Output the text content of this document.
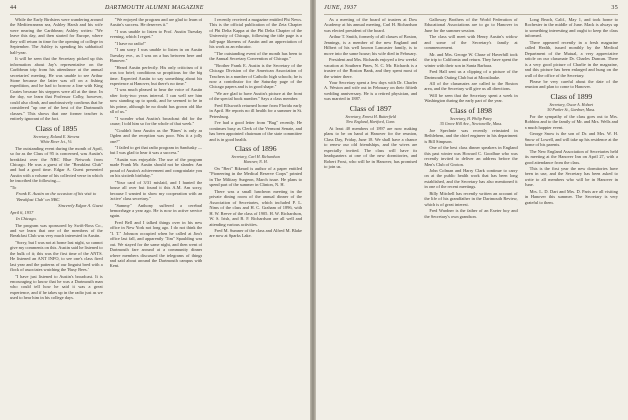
44	DARTMOUTH ALUMNI MAGAZINE

While the Early Birdsters were wandering around the Mediterranean sea, Ashley Harsh and his wife were nearing the Caribbean; Ashley writes: "We leave this day, and then started for Europe, where they will return in time for the opening of college in September. The Ashley is spending his sabbatical half-year.

It will be seen that the Secretary picked up this information about Jay's representative on the Caribbean trip from his attendance at the annual secretaries' meeting. He was unable to see Arthur Stone because the latter was off on a fishing expedition, and he had to borrow a line with King Coates because his steppers were all at the time. In the day, we learn that Professor Colby, however, could also climb, and unobtrusively confirms that he considered "up one of the best of the Dartmouth classes." This shows that one former teacher is entirely ignorant of the fact.

Class of 1895
Secretary, Roland E. Stevens
White River Jct., Vt.

The outstanding event during the month of April, so far as the Class of 95 is concerned, was Austin's breakfast over the NBC Blue Network from Chicago. He was a guest of the "Breakfast Club" and had a good time. Edgar A. Guest presented Austin with a volume of his collected verse in which he inscribed the following—

"To

Frank E. Austin on the occasion of his visit to 'Breakfast Club' on NBC.

Sincerely Edgar A. Guest

April 6, 1937

In Chicago.

The program was sponsored by Swift-Ross Co., and we learn that one of the members of the Breakfast Club was very much interested in Austin.

"Sorry, but I was not at home last night, so cannot give my comments on this. Austin said he listened to the bulk of it; this was the first time of the ANTS. He listened an ANT INFO, to see one's class fired last year and the patterns of our linguist bred with a flock of associates watching the 'Busy Bees.'

"I have just listened to Austin's broadcast. It is encouraging to know that he was a Dartmouth man who could tell how he said it was a great experience, and if he takes up in the radio just as we used to hear him in his college days.

"We enjoyed the program and are glad to learn of Austin's success. He deserves it."

"I was unable to listen to Prof. Austin Tuesday evening, which I regret."

"I have no radio!"

"I am sorry I was unable to listen in on Austin Tuesday eve., as I was on a bus between here and Hanover."

"Heard Austin perfectly. His only criticism of it was too brief; conditions so propitious for the big time. Expected Austin to say something about his experience at Hanover, but there's no time."

"I was much pleased to hear the voice of Austin after forty-two years interval. I can well see him now standing up to speak, and he seemed to be in his prime, although he no doubt has grown old like all of us."

"I wonder what Austin's broadcast did for the cause; I told him so for the whole of that week."

"Couldn't hear Austin as the 'Bines' is only as Ogden and the reception was poor. Was it a jolly one?"

"I failed to get that radio program in Sandusky — but I was glad to hear it was a success."

"Austin was enjoyable. The use of the program made Frank Mr. Austin should not be slander. Am proud of Austin's achievement and congratulate you on his sixtieth birthday."

"Your card of 3/31 mislaid, and I hunted the house all over but found it this A.M. Am sorry, because I wanted to show my cooperation with an 'active' class secretary."

"Sammy" Anthony suffered a cerebral hemorrhage a year ago. He is now in active service again.

Fred Bell and I talked things over in his new office in New York not long ago. I do not think the "I. T." Johnson occupied when he called at Jim's office last fall, and apparently "Jim" Spaulding was out. We stayed for the same night, and then went of Dartmouth fare around at a community dinner where members discussed the telegrams of things and said about around the Dartmouth campus with Kent.

I recently received a magazine entitled Phi News. This is the official publication of the Zeta Chapter of Phi Delta Kappa at the Phi Delta Chapter of the University of Chicago, following the title page is a full-page likeness of Austin and an appreciation of his work as an educator.

"The outstanding event of the month has been to the Annual Secretary Convention of Chicago."

"Brother Frank E. Austin is the Secretary of the Chicago Division of the American Association of Teachers in a number of Catholic high schools; he is now a contributor for the Saturday page of the Chicago papers and is in good shape."

"We are glad to have Austin's picture at the front of the special book number." Says a class member.

Fred Ellsworth returned home from Florida early in April. He reports no ill health for a summer in St. Petersburg.

I've had a good letter from "Bug" recently. He continues busy as Clerk of the Vermont Senate, and has been appointed chairman of the state committee and is in good health.

Class of 1896
Secretary, Carl H. Richardson
Hanover, N. H.

On "Bert" Rikeard is author of a paper entitled "Pioneering in the Medical Reserve Corps" printed in The Military Surgeon, March issue. He plans to spend part of the summer in Clinton, N. H.

There was a small luncheon meeting in the private dining room of the annual dinner of the Association of Secretaries, which included P. L. Nims of the class and H. C. Graham of 1896, with H. W. Reeve of the class of 1905. H. W. Richardson, W. S. Irish, and B. F. Richardson are all well and attending various activities.

Fred M. Sumner of the class and Alfred M. Blake are now at Sparks Lake.

JUNE, 1937	35

As a meeting of the board of trustees at Dow Academy at his annual meeting, Carl H. Richardson was elected president of the board.

Arthur T. Smith, formerly of all classes of Boston, Jennings, is a member of the new England and Hilbert of his well known Lancaster family, is to move into the same house; his wife died in February.

President and Mrs. Richards enjoyed a few weeks' vacation at Southern Pines, N. C. Mr. Richards is a trustee of the Boston Bank, and they spent most of the winter there.

Your Secretary spent a few days with Dr. Charles A. Weston and wife out in February on their fiftieth wedding anniversary. He is a retired physician, and was married in 1887.

Class of 1897
Secretary, Ernest H. Butterfield
New England, Hartford, Conn.

At least 40 members of 1897 are now making plans to be on hand at Hanover for the reunion, Class Day, Friday, June 18. We shall have a chance to renew our old friendships, and the wives are especially invited. The class will have its headquarters at one of the new dormitories, and Robert Frost, who will be in Hanover, has promised to join us.

Galloway Brothers of the World Federation of Educational Associations are to go to Hanover in June for the summer session.

The class will meet with Henry Austin's widow and some of the Secretary's family at commencement.

Mr. and Mrs. George W. Chase of Haverhill took the trip to California and return. They have spent the winter with their son in Santa Barbara.

Fred Hall sent us a clipping of a picture of the Dartmouth Outing Club hut at Moosilauke.

All of the classmates are called to the Boston area, and the Secretary will give us all directions.

Will be seen that the Secretary spent a week in Washington during the early part of the year.

Class of 1898
Secretary, H. Philip Patey
35 Grove Hill Ave., Newtonville, Mass.

Joe Spechnie was recently reinstated in Bethlehem, and the chief engineer in his department is Bill Simpson.

One of the best class dinner speakers in England this past winter was Howard C. Goodhue who was recently invited to deliver an address before the Men's Club of Groton.

John Colman and Harry Clark continue to carry on at the public health work that has been long established, and the Secretary has also mentioned it in one of the recent meetings.

Billy Mitchell has recently written an account of the life of his grandfather in the Dartmouth Review, which is of great interest.

Fred Wardner is the father of an Exeter boy and the Secretary's own grandson.

Long Beach, Calif., May 1, and took home to Rochester in the middle of June. Mack is always up to something interesting and ought to keep the class informed.

There appeared recently in a fresh magazine called Health, issued monthly by the Medical Department of the Mutual, a very appreciative article on our classmate Dr. Charles Duncan. There is a very good picture of Charlie in the magazine, and this picture has been enlarged and hung on the wall of the office of the Secretary.

Please be very careful about the date of the reunion and plan to come to Hanover.

Class of 1899
Secretary, Oscar A. Hobart
50 Parker St., Gardner, Mass.

For the sympathy of the class goes out to Mrs. Robbins and to the family of Mr. and Mrs. Wells and a much happier event.

George Snow is the son of Dr. and Mrs. W. H. Snow of Lowell, and will take up his residence at the home of his parents.

The New England Association of Secretaries held its meeting at the Hanover Inn on April 27, with a good attendance from the class.

This is the first year the new dormitories have been in use, and the Secretary has been asked to write to all members who will be in Hanover in June.

Mrs. L. D. Dart and Mrs. D. Paris are all visiting in Hanover this summer. The Secretary is very grateful to them.
